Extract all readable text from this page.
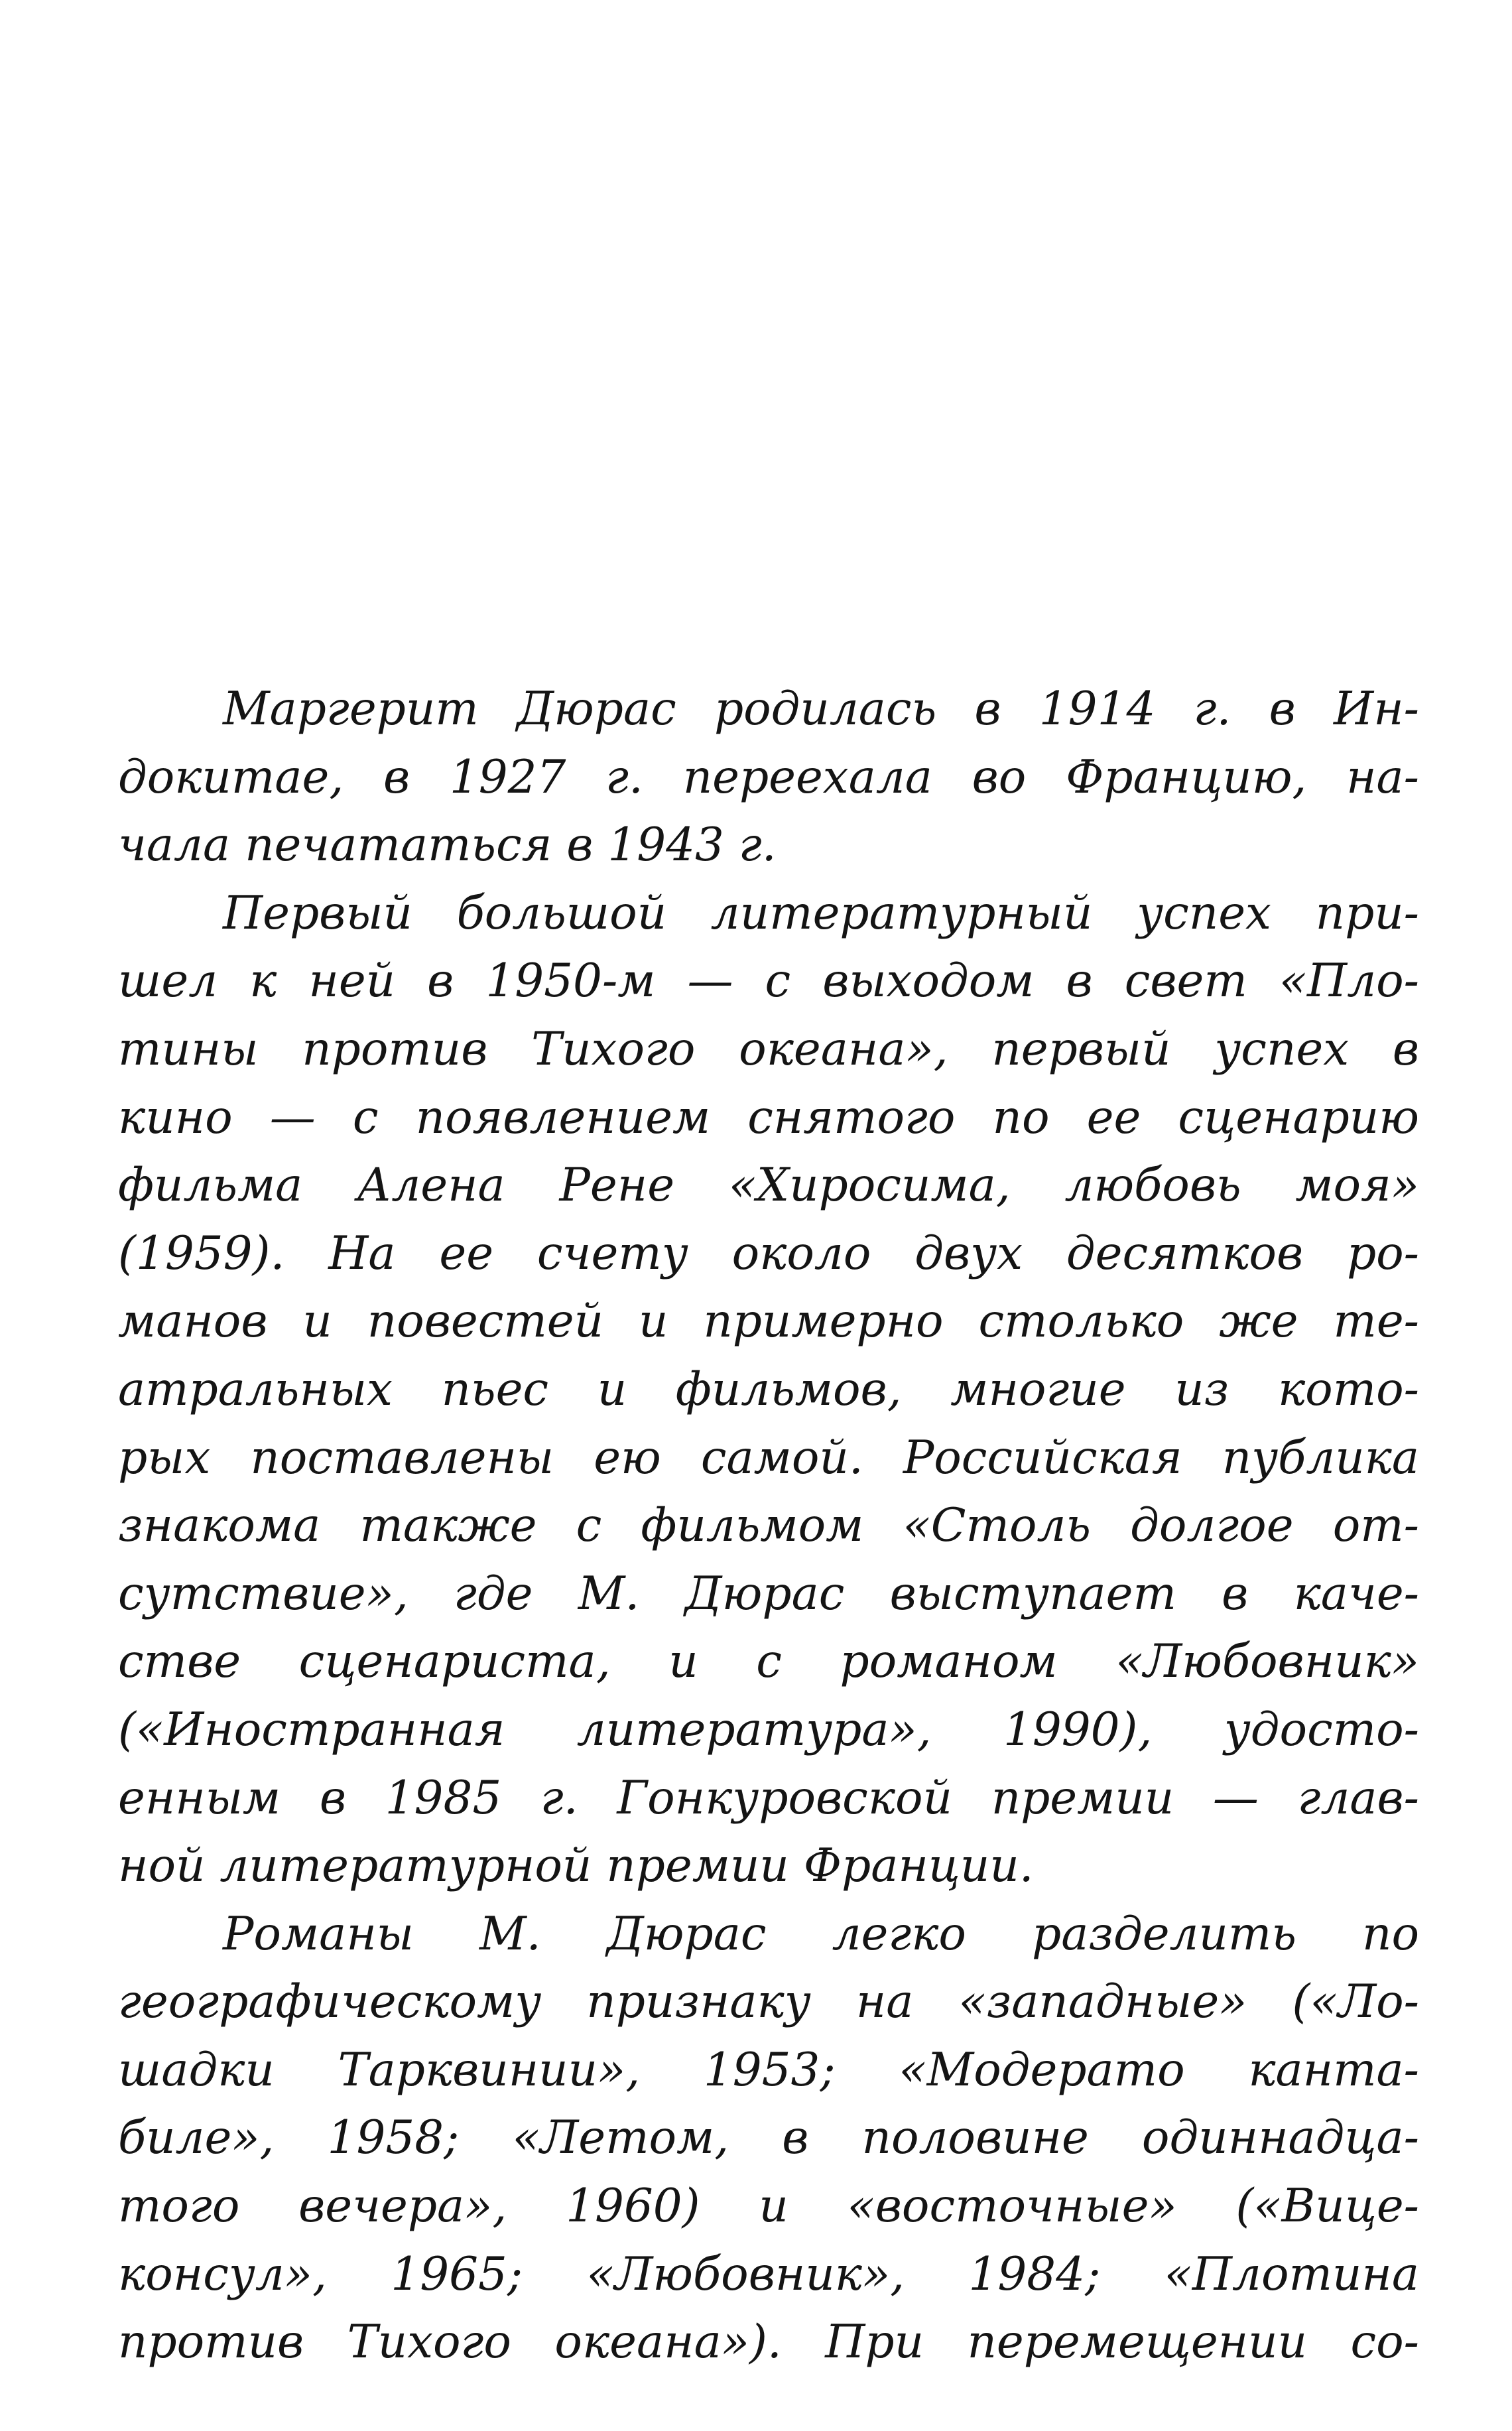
Маргерит Дюрас родилась в 1914 г. в Ин-
докитае, в 1927 г. переехала во Францию, на-
чала печататься в 1943 г.
Первый большой литературный успех при-
шел к ней в 1950-м — с выходом в свет «Пло-
тины против Тихого океана», первый успех в
кино — с появлением снятого по ее сценарию
фильма Алена Рене «Хиросима, любовь моя»
(1959). На ее счету около двух десятков ро-
манов и повестей и примерно столько же те-
атральных пьес и фильмов, многие из кото-
рых поставлены ею самой. Российская публика
знакома также с фильмом «Столь долгое от-
сутствие», где М. Дюрас выступает в каче-
стве сценариста, и с романом «Любовник»
(«Иностранная литература», 1990), удосто-
енным в 1985 г. Гонкуровской премии — глав-
ной литературной премии Франции.
Романы М. Дюрас легко разделить по
географическому признаку на «западные» («Ло-
шадки Тарквинии», 1953; «Модерато канта-
биле», 1958; «Летом, в половине одиннадца-
того вечера», 1960) и «восточные» («Вице-
консул», 1965; «Любовник», 1984; «Плотина
против Тихого океана»). При перемещении со-
